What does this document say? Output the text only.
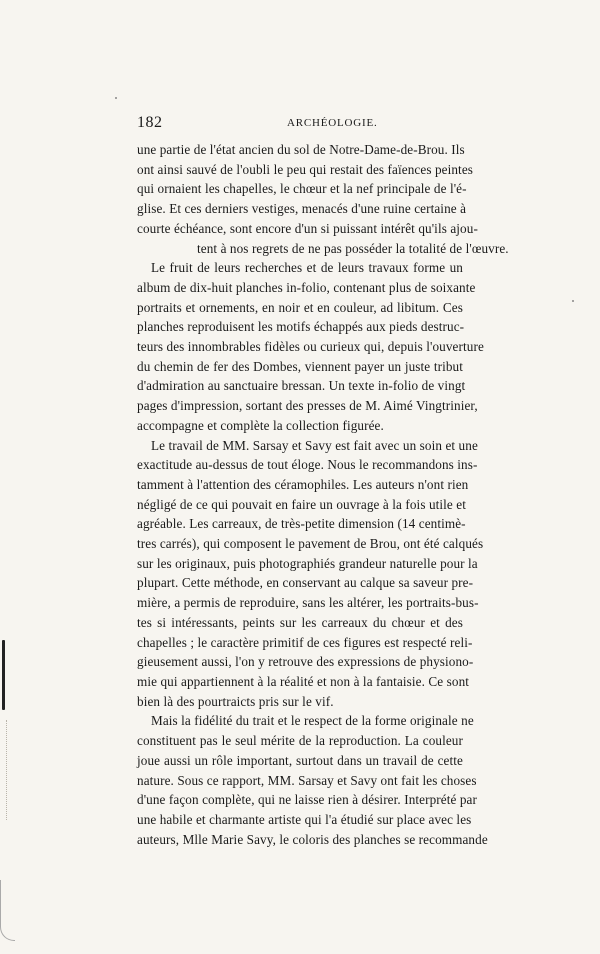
182	ARCHÉOLOGIE.
une partie de l'état ancien du sol de Notre-Dame-de-Brou. Ils
ont ainsi sauvé de l'oubli le peu qui restait des faïences peintes
qui ornaient les chapelles, le chœur et la nef principale de l'é-
glise. Et ces derniers vestiges, menacés d'une ruine certaine à
courte échéance, sont encore d'un si puissant intérêt qu'ils ajou-
tent à nos regrets de ne pas posséder la totalité de l'œuvre.
Le fruit de leurs recherches et de leurs travaux forme un
album de dix-huit planches in-folio, contenant plus de soixante
portraits et ornements, en noir et en couleur, ad libitum. Ces
planches reproduisent les motifs échappés aux pieds destruc-
teurs des innombrables fidèles ou curieux qui, depuis l'ouverture
du chemin de fer des Dombes, viennent payer un juste tribut
d'admiration au sanctuaire bressan. Un texte in-folio de vingt
pages d'impression, sortant des presses de M. Aimé Vingtrinier,
accompagne et complète la collection figurée.
Le travail de MM. Sarsay et Savy est fait avec un soin et une
exactitude au-dessus de tout éloge. Nous le recommandons ins-
tamment à l'attention des céramophiles. Les auteurs n'ont rien
négligé de ce qui pouvait en faire un ouvrage à la fois utile et
agréable. Les carreaux, de très-petite dimension (14 centimè-
tres carrés), qui composent le pavement de Brou, ont été calqués
sur les originaux, puis photographiés grandeur naturelle pour la
plupart. Cette méthode, en conservant au calque sa saveur pre-
mière, a permis de reproduire, sans les altérer, les portraits-bus-
tes si intéressants, peints sur les carreaux du chœur et des
chapelles ; le caractère primitif de ces figures est respecté reli-
gieusement aussi, l'on y retrouve des expressions de physiono-
mie qui appartiennent à la réalité et non à la fantaisie. Ce sont
bien là des pourtraicts pris sur le vif.
Mais la fidélité du trait et le respect de la forme originale ne
constituent pas le seul mérite de la reproduction. La couleur
joue aussi un rôle important, surtout dans un travail de cette
nature. Sous ce rapport, MM. Sarsay et Savy ont fait les choses
d'une façon complète, qui ne laisse rien à désirer. Interprété par
une habile et charmante artiste qui l'a étudié sur place avec les
auteurs, Mlle Marie Savy, le coloris des planches se recommande
